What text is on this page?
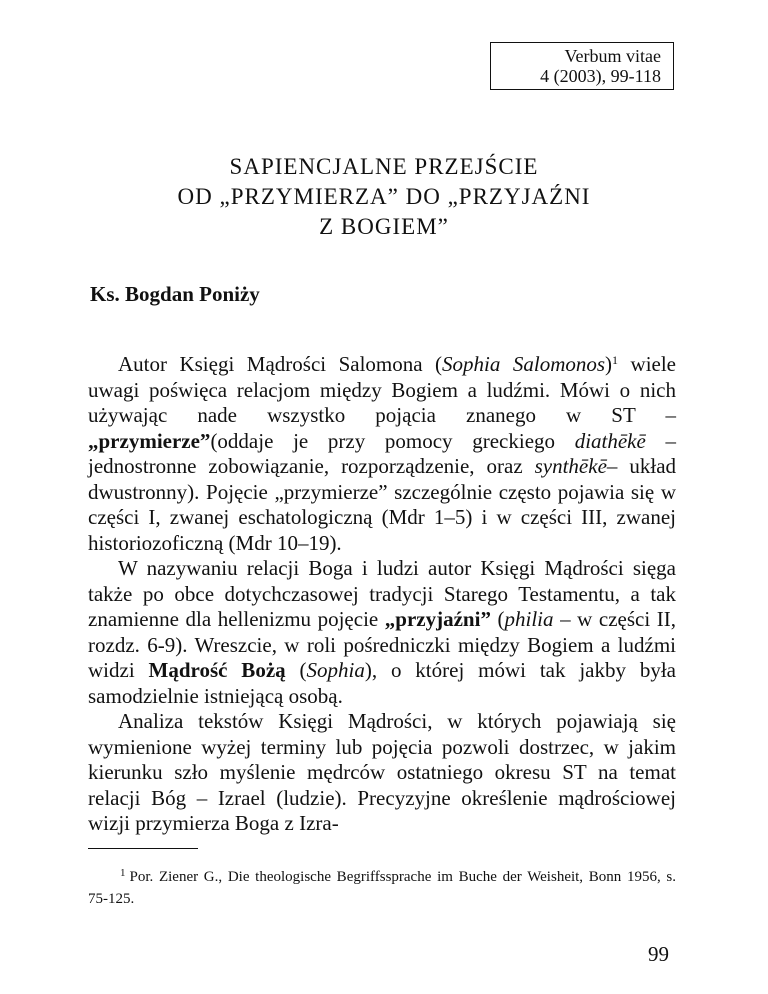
Verbum vitae
4 (2003), 99-118
SAPIENCJALNE PRZEJŚCIE
OD „PRZYMIERZA” DO „PRZYJAŹNI
Z BOGIEM”
Ks. Bogdan Poniży

Autor Księgi Mądrości Salomona (Sophia Salomonos)$^1$ wiele uwagi poświęca relacjom między Bogiem a ludźmi. Mówi o nich używając nade wszystko pojącia znanego w ST – „przymierze”(oddaje je przy pomocy greckiego diathēkē – jednostronne zobowiązanie, rozporządzenie, oraz synthēkē– układ dwustronny). Pojęcie „przymierze” szczególnie często pojawia się w części I, zwanej eschatologiczną (Mdr 1–5) i w części III, zwanej historiozoficzną (Mdr 10–19).

W nazywaniu relacji Boga i ludzi autor Księgi Mądrości sięga także po obce dotychczasowej tradycji Starego Testamentu, a tak znamienne dla hellenizmu pojęcie „przyjaźni” (philia – w części II, rozdz. 6-9). Wreszcie, w roli pośredniczki między Bogiem a ludźmi widzi Mądrość Bożą (Sophia), o której mówi tak jakby była samodzielnie istniejącą osobą.

Analiza tekstów Księgi Mądrości, w których pojawiają się wymienione wyżej terminy lub pojęcia pozwoli dostrzec, w jakim kierunku szło myślenie mędrców ostatniego okresu ST na temat relacji Bóg – Izrael (ludzie). Precyzyjne określenie mądrościowej wizji przymierza Boga z Izra-

$^1$ Por. Ziener G., Die theologische Begriffssprache im Buche der Weisheit, Bonn 1956, s. 75-125.
99
